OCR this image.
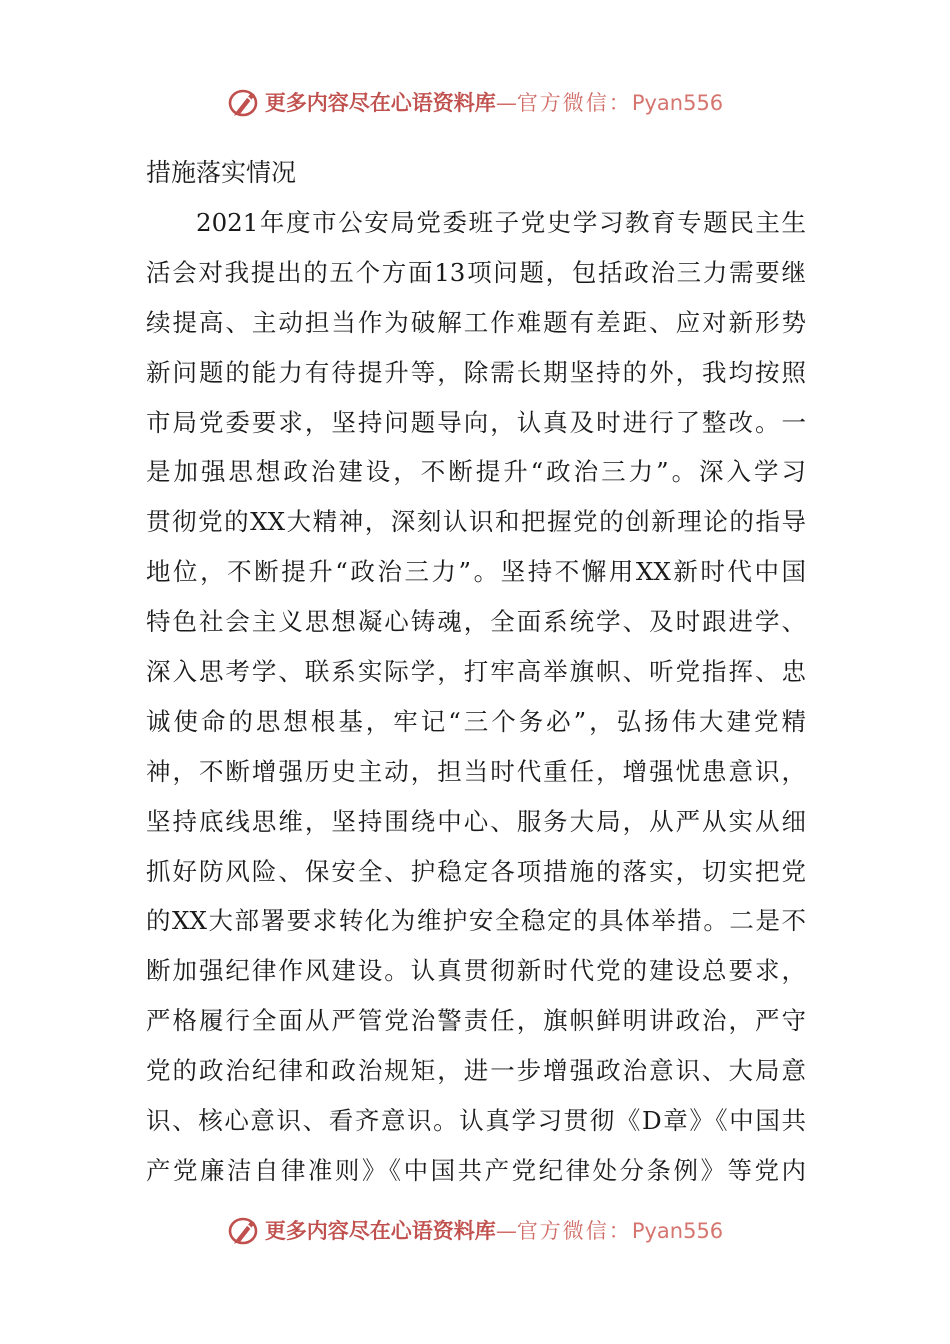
更多内容尽在心语资料库—官方微信：Pyan556

措施落实情况

2021年度市公安局党委班子党史学习教育专题民主生
活会对我提出的五个方面13项问题，包括政治三力需要继
续提高、主动担当作为破解工作难题有差距、应对新形势
新问题的能力有待提升等，除需长期坚持的外，我均按照
市局党委要求，坚持问题导向，认真及时进行了整改。一
是加强思想政治建设，不断提升“政治三力”。深入学习
贯彻党的XX大精神，深刻认识和把握党的创新理论的指导
地位，不断提升“政治三力”。坚持不懈用XX新时代中国
特色社会主义思想凝心铸魂，全面系统学、及时跟进学、
深入思考学、联系实际学，打牢高举旗帜、听党指挥、忠
诚使命的思想根基，牢记“三个务必”，弘扬伟大建党精
神，不断增强历史主动，担当时代重任，增强忧患意识，
坚持底线思维，坚持围绕中心、服务大局，从严从实从细
抓好防风险、保安全、护稳定各项措施的落实，切实把党
的XX大部署要求转化为维护安全稳定的具体举措。二是不
断加强纪律作风建设。认真贯彻新时代党的建设总要求，
严格履行全面从严管党治警责任，旗帜鲜明讲政治，严守
党的政治纪律和政治规矩，进一步增强政治意识、大局意
识、核心意识、看齐意识。认真学习贯彻《D章》《中国共
产党廉洁自律准则》《中国共产党纪律处分条例》等党内
更多内容尽在心语资料库—官方微信：Pyan556
